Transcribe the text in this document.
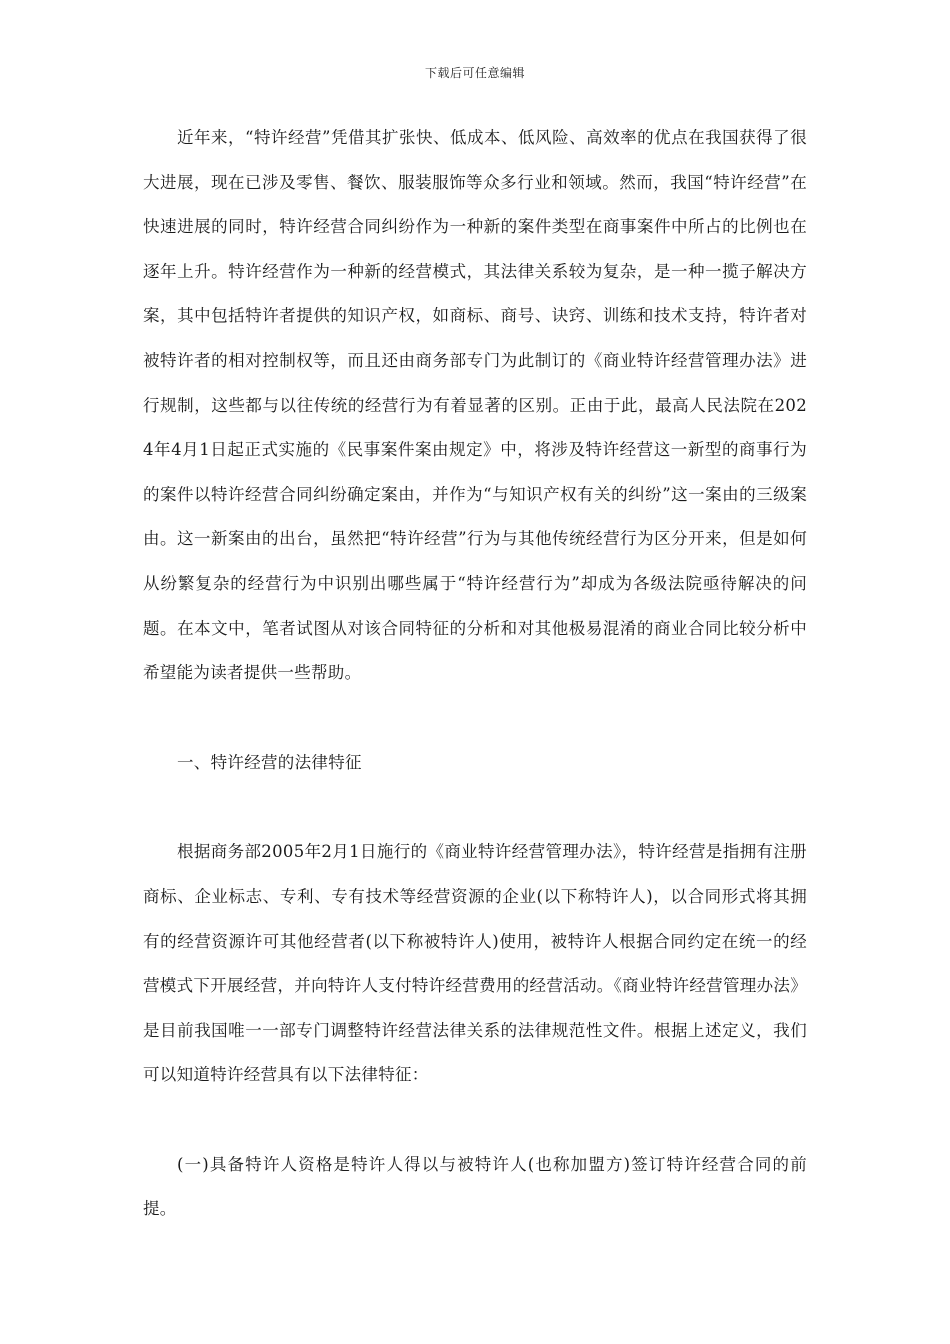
下载后可任意编辑

近年来，“特许经营”凭借其扩张快、低成本、低风险、高效率的优点在我国获得了很大进展，现在已涉及零售、餐饮、服装服饰等众多行业和领域。然而，我国“特许经营”在快速进展的同时，特许经营合同纠纷作为一种新的案件类型在商事案件中所占的比例也在逐年上升。特许经营作为一种新的经营模式，其法律关系较为复杂，是一种一揽子解决方案，其中包括特许者提供的知识产权，如商标、商号、诀窍、训练和技术支持，特许者对被特许者的相对控制权等，而且还由商务部专门为此制订的《商业特许经营管理办法》进行规制，这些都与以往传统的经营行为有着显著的区别。正由于此，最高人民法院在2024年4月1日起正式实施的《民事案件案由规定》中，将涉及特许经营这一新型的商事行为的案件以特许经营合同纠纷确定案由，并作为“与知识产权有关的纠纷”这一案由的三级案由。这一新案由的出台，虽然把“特许经营”行为与其他传统经营行为区分开来，但是如何从纷繁复杂的经营行为中识别出哪些属于“特许经营行为”却成为各级法院亟待解决的问题。在本文中，笔者试图从对该合同特征的分析和对其他极易混淆的商业合同比较分析中希望能为读者提供一些帮助。

一、特许经营的法律特征

根据商务部2005年2月1日施行的《商业特许经营管理办法》，特许经营是指拥有注册商标、企业标志、专利、专有技术等经营资源的企业(以下称特许人)，以合同形式将其拥有的经营资源许可其他经营者(以下称被特许人)使用，被特许人根据合同约定在统一的经营模式下开展经营，并向特许人支付特许经营费用的经营活动。《商业特许经营管理办法》是目前我国唯一一部专门调整特许经营法律关系的法律规范性文件。根据上述定义，我们可以知道特许经营具有以下法律特征：

(一)具备特许人资格是特许人得以与被特许人(也称加盟方)签订特许经营合同的前提。
